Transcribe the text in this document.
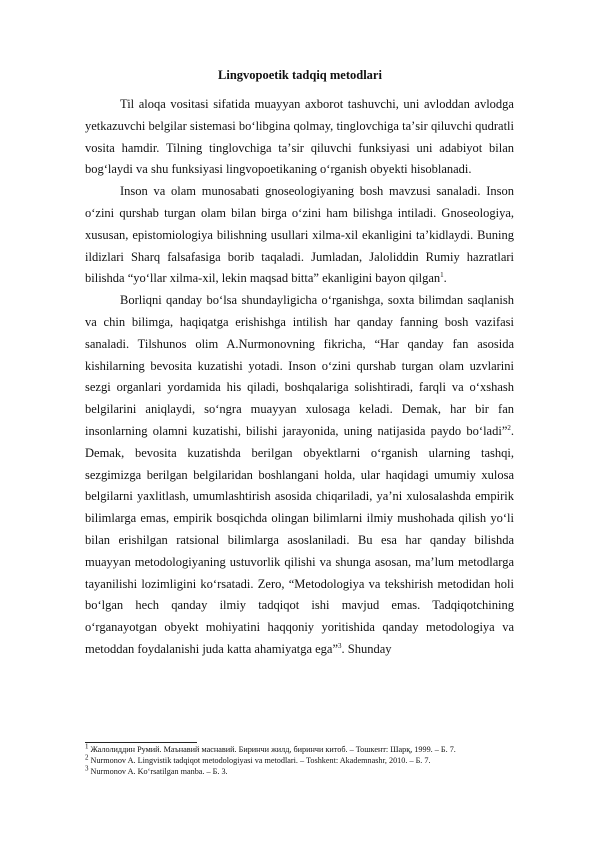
Lingvopoetik tadqiq metodlari

Til aloqa vositasi sifatida muayyan axborot tashuvchi, uni avloddan avlodga yetkazuvchi belgilar sistemasi boʻlibgina qolmay, tinglovchiga taʼsir qiluvchi qudratli vosita hamdir. Tilning tinglovchiga taʼsir qiluvchi funksiyasi uni adabiyot bilan bogʻlaydi va shu funksiyasi lingvopoetikaning oʻrganish obyekti hisoblanadi.

Inson va olam munosabati gnoseologiyaning bosh mavzusi sanaladi. Inson oʻzini qurshab turgan olam bilan birga oʻzini ham bilishga intiladi. Gnoseologiya, xususan, epistomiologiya bilishning usullari xilma-xil ekanligini taʼkidlaydi. Buning ildizlari Sharq falsafasiga borib taqaladi. Jumladan, Jaloliddin Rumiy hazratlari bilishda “yoʻllar xilma-xil, lekin maqsad bitta” ekanligini bayon qilgan$^1$.

Borliqni qanday boʻlsa shundayligicha oʻrganishga, soxta bilimdan saqlanish va chin bilimga, haqiqatga erishishga intilish har qanday fanning bosh vazifasi sanaladi. Tilshunos olim A.Nurmonovning fikricha, “Har qanday fan asosida kishilarning bevosita kuzatishi yotadi. Inson oʻzini qurshab turgan olam uzvlarini sezgi organlari yordamida his qiladi, boshqalariga solishtiradi, farqli va oʻxshash belgilarini aniqlaydi, soʻngra muayyan xulosaga keladi. Demak, har bir fan insonlarning olamni kuzatishi, bilishi jarayonida, uning natijasida paydo boʻladi”$^2$. Demak, bevosita kuzatishda berilgan obyektlarni oʻrganish ularning tashqi, sezgimizga berilgan belgilaridan boshlangani holda, ular haqidagi umumiy xulosa belgilarni yaxlitlash, umumlashtirish asosida chiqariladi, yaʼni xulosalashda empirik bilimlarga emas, empirik bosqichda olingan bilimlarni ilmiy mushohada qilish yoʻli bilan erishilgan ratsional bilimlarga asoslaniladi. Bu esa har qanday bilishda muayyan metodologiyaning ustuvorlik qilishi va shunga asosan, maʼlum metodlarga tayanilishi lozimligini koʻrsatadi. Zero, “Metodologiya va tekshirish metodidan holi boʻlgan hech qanday ilmiy tadqiqot ishi mavjud emas. Tadqiqotchining oʻrganayotgan obyekt mohiyatini haqqoniy yoritishida qanday metodologiya va metoddan foydalanishi juda katta ahamiyatga ega”$^3$. Shunday

$^1$ Жалолиддин Румий. Маънавий маснавий. Биринчи жилд, биринчи китоб. – Тошкент: Шарқ, 1999. – Б. 7.
$^2$ Nurmonov A. Lingvistik tadqiqot metodologiyasi va metodlari. – Toshkent: Akademnashr, 2010. – Б. 7.
$^3$ Nurmonov A. Koʻrsatilgan manba. – Б. 3.
